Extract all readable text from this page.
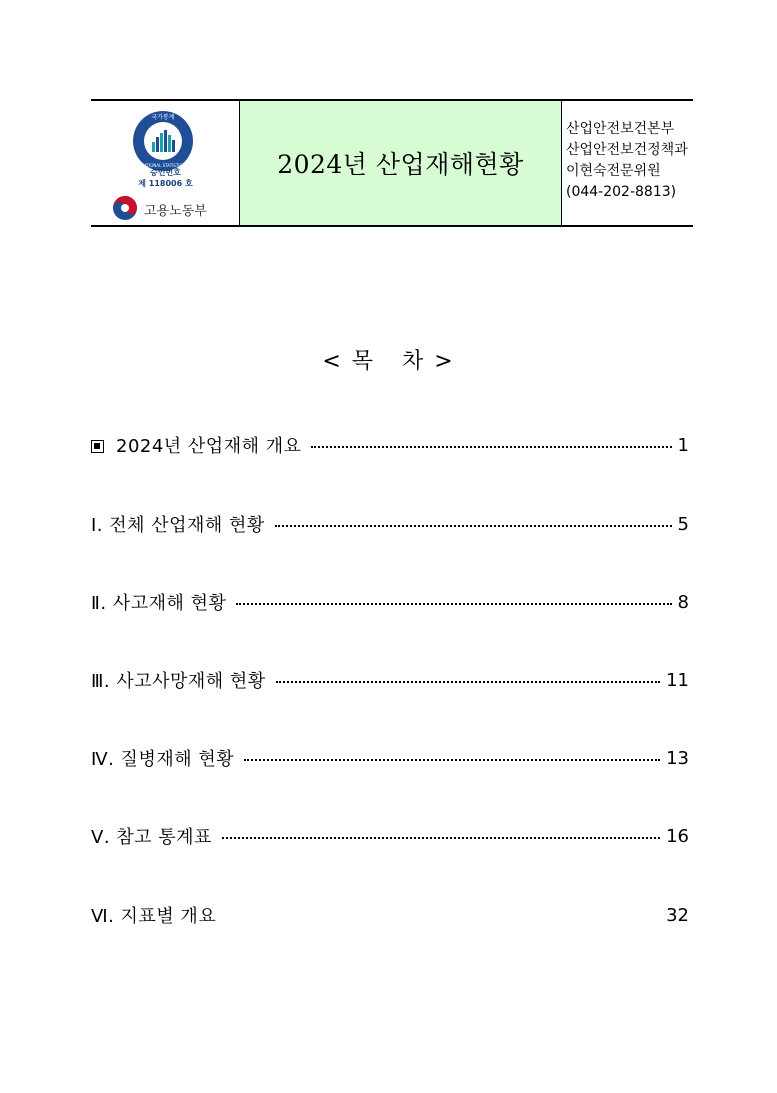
국가통계
NATIONAL STATISTICS
승인번호
제 118006 호
고용노동부
2024년 산업재해현황
산업안전보건본부
산업안전보건정책과
이현숙전문위원
(044-202-8813)
< 목   차 >
2024년 산업재해 개요	1
Ⅰ. 전체 산업재해 현황	5
Ⅱ. 사고재해 현황	8
Ⅲ. 사고사망재해 현황	11
Ⅳ. 질병재해 현황	13
Ⅴ. 참고 통계표	16
Ⅵ. 지표별 개요	32
